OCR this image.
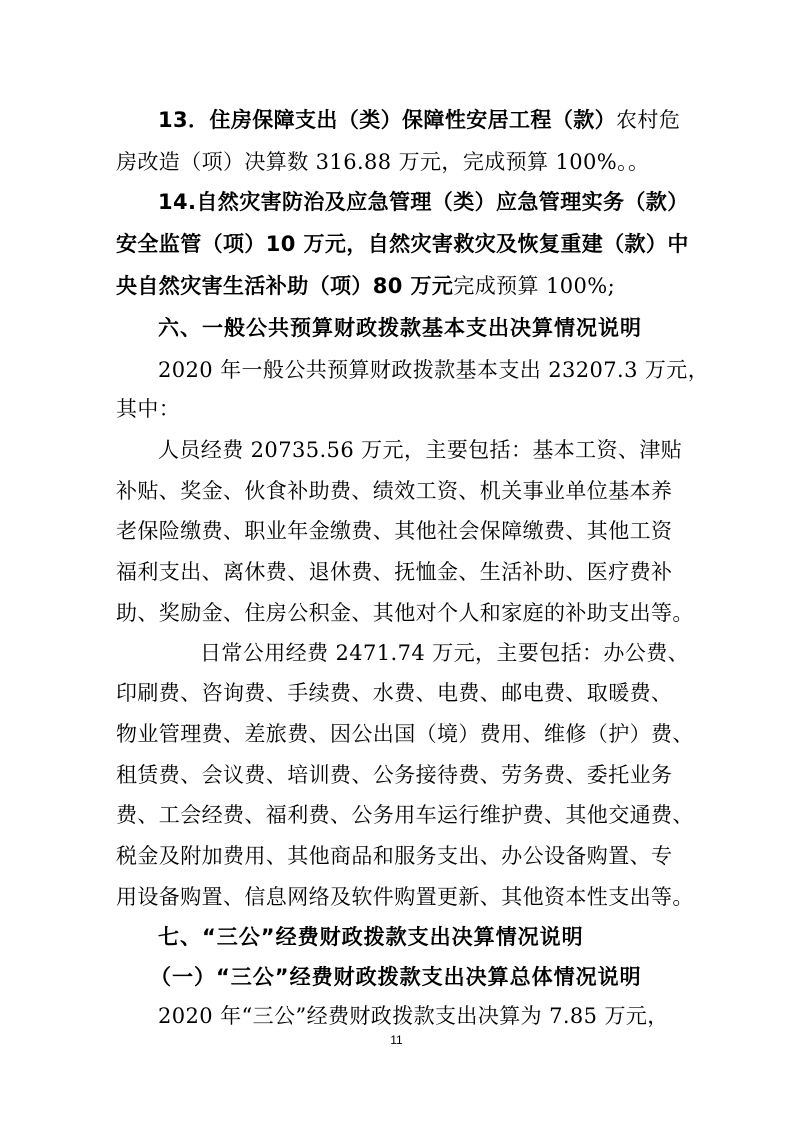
13．住房保障支出（类）保障性安居工程（款）农村危
房改造（项）决算数 316.88 万元，完成预算 100%。。
14.自然灾害防治及应急管理（类）应急管理实务（款）
安全监管（项）10 万元，自然灾害救灾及恢复重建（款）中
央自然灾害生活补助（项）80 万元完成预算 100%;
六、一般公共预算财政拨款基本支出决算情况说明
2020 年一般公共预算财政拨款基本支出 23207.3 万元，
其中：
人员经费 20735.56 万元，主要包括：基本工资、津贴
补贴、奖金、伙食补助费、绩效工资、机关事业单位基本养
老保险缴费、职业年金缴费、其他社会保障缴费、其他工资
福利支出、离休费、退休费、抚恤金、生活补助、医疗费补
助、奖励金、住房公积金、其他对个人和家庭的补助支出等。
日常公用经费 2471.74 万元，主要包括：办公费、
印刷费、咨询费、手续费、水费、电费、邮电费、取暖费、
物业管理费、差旅费、因公出国（境）费用、维修（护）费、
租赁费、会议费、培训费、公务接待费、劳务费、委托业务
费、工会经费、福利费、公务用车运行维护费、其他交通费、
税金及附加费用、其他商品和服务支出、办公设备购置、专
用设备购置、信息网络及软件购置更新、其他资本性支出等。
七、“三公”经费财政拨款支出决算情况说明
（一）“三公”经费财政拨款支出决算总体情况说明
2020 年“三公”经费财政拨款支出决算为 7.85 万元，
11
